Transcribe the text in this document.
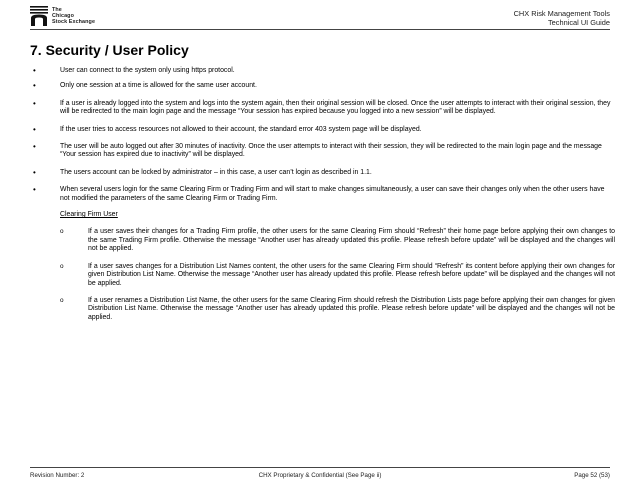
The
Chicago
Stock Exchange
CHX Risk Management Tools
Technical UI Guide
7. Security / User Policy
• User can connect to the system only using https protocol.
• Only one session at a time is allowed for the same user account.
• If a user is already logged into the system and logs into the system again, then their original session will be closed. Once the user attempts to interact with their original session, they will be redirected to the main login page and the message “Your session has expired because you logged into a new session” will be displayed.
• If the user tries to access resources not allowed to their account, the standard error 403 system page will be displayed.
• The user will be auto logged out after 30 minutes of inactivity. Once the user attempts to interact with their session, they will be redirected to the main login page and the message “Your session has expired due to inactivity” will be displayed.
• The users account can be locked by administrator – in this case, a user can’t login as described in 1.1.
• When several users login for the same Clearing Firm or Trading Firm and will start to make changes simultaneously, a user can save their changes only when the other users have not modified the parameters of the same Clearing Firm or Trading Firm.
Clearing Firm User
o If a user saves their changes for a Trading Firm profile, the other users for the same Clearing Firm should “Refresh” their home page before applying their own changes to the same Trading Firm profile. Otherwise the message “Another user has already updated this profile. Please refresh before update” will be displayed and the changes will not be applied.
o If a user saves changes for a Distribution List Names content, the other users for the same Clearing Firm should “Refresh” its content before applying their own changes for given Distribution List Name. Otherwise the message “Another user has already updated this profile. Please refresh before update” will be displayed and the changes will not be applied.
o If a user renames a Distribution List Name, the other users for the same Clearing Firm should refresh the Distribution Lists page before applying their own changes for given Distribution List Name. Otherwise the message “Another user has already updated this profile. Please refresh before update” will be displayed and the changes will not be applied.
Revision Number: 2	CHX Proprietary & Confidential (See Page ii)	Page 52 (53)
